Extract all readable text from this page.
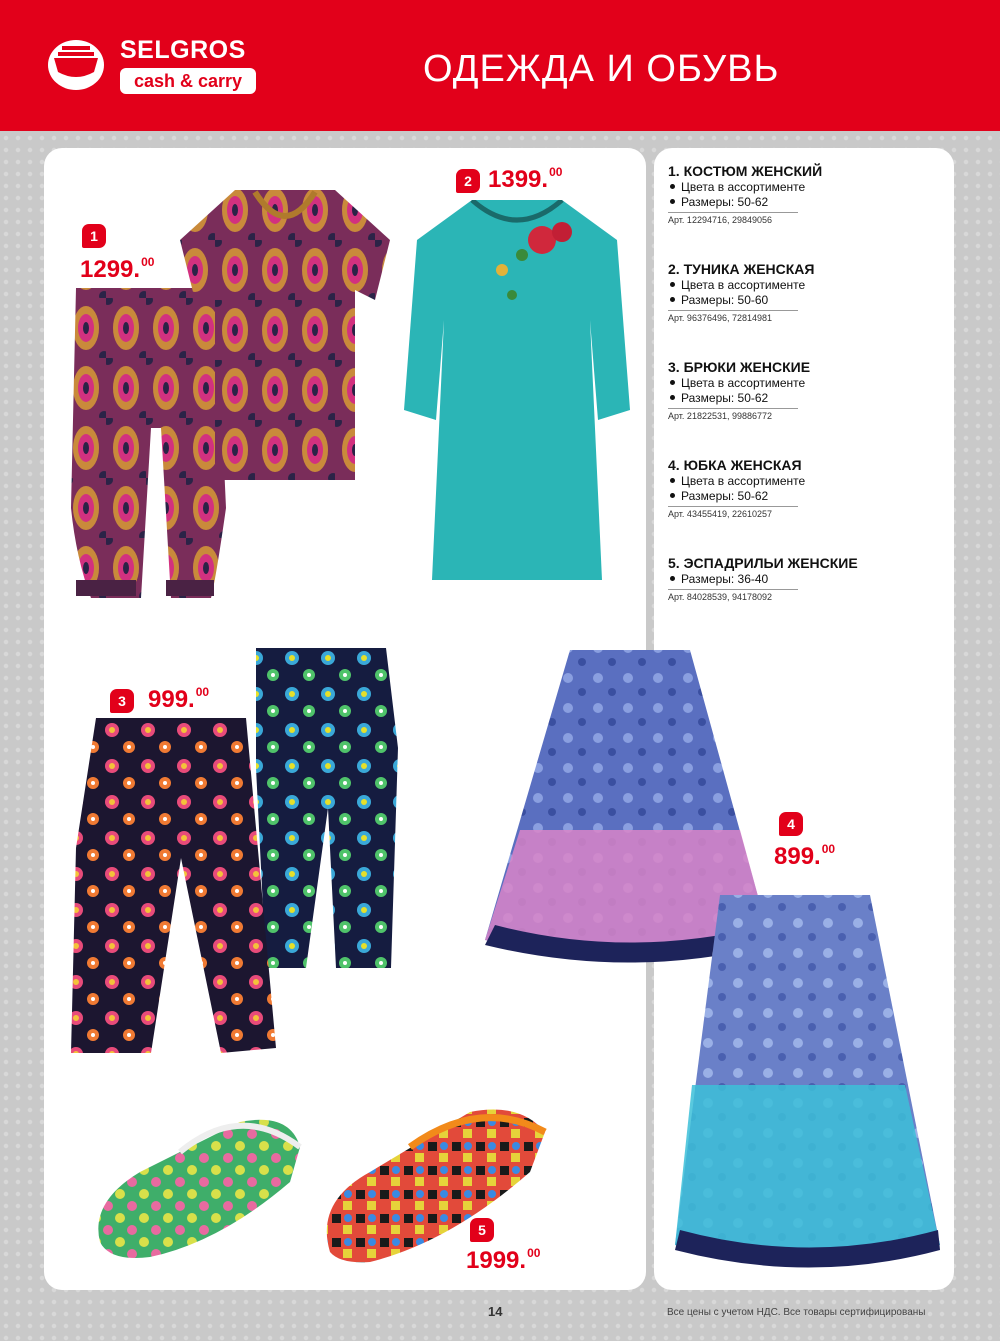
SELGROS
cash & carry	ОДЕЖДА И ОБУВЬ
1
1299.00
2 1399.00
3 999.00
4
899.00
5
1999.00
1. КОСТЮМ ЖЕНСКИЙ
Цвета в ассортименте
Размеры: 50-62
Арт. 12294716, 29849056
2. ТУНИКА ЖЕНСКАЯ
Цвета в ассортименте
Размеры: 50-60
Арт. 96376496, 72814981
3. БРЮКИ ЖЕНСКИЕ
Цвета в ассортименте
Размеры: 50-62
Арт. 21822531, 99886772
4. ЮБКА ЖЕНСКАЯ
Цвета в ассортименте
Размеры: 50-62
Арт. 43455419, 22610257
5. ЭСПАДРИЛЬИ ЖЕНСКИЕ
Размеры: 36-40
Арт. 84028539, 94178092
14	Все цены с учетом НДС. Все товары сертифицированы
